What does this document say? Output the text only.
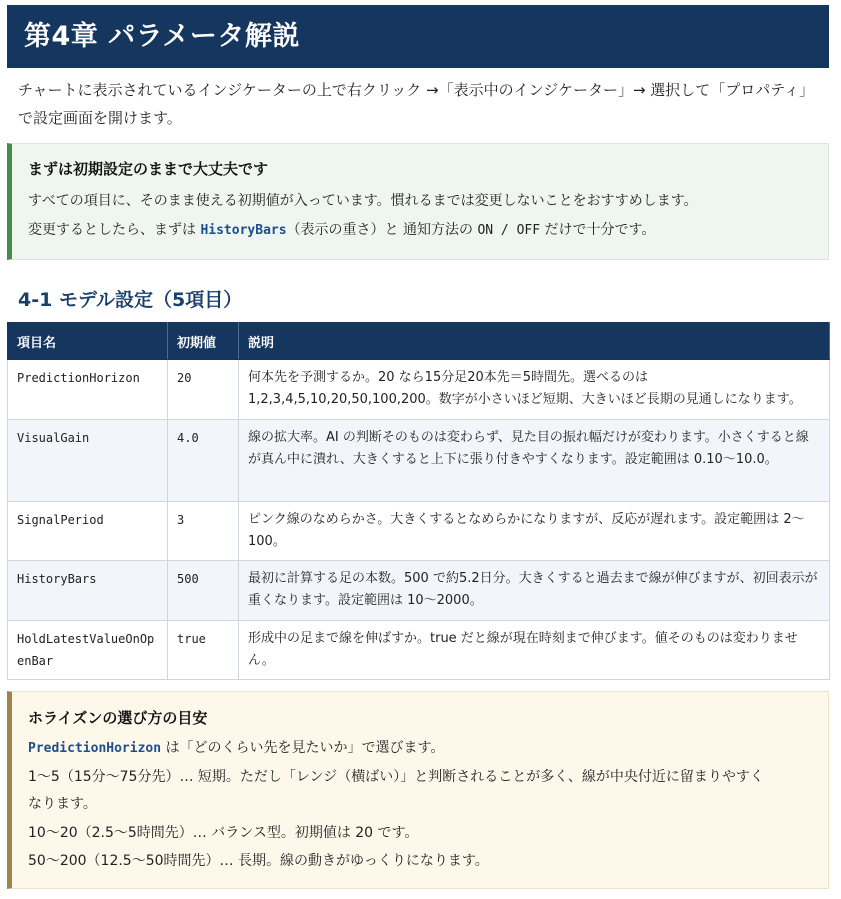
第4章 パラメータ解説
チャートに表示されているインジケーターの上で右クリック →「表示中のインジケーター」→ 選択して「プロパティ」で設定画面を開けます。
まずは初期設定のままで大丈夫です
すべての項目に、そのまま使える初期値が入っています。慣れるまでは変更しないことをおすすめします。
変更するとしたら、まずは HistoryBars（表示の重さ）と 通知方法の ON / OFF だけで十分です。
4-1 モデル設定（5項目）
項目名	初期値	説明
PredictionHorizon	20	何本先を予測するか。20 なら15分足20本先＝5時間先。選べるのは 1,2,3,4,5,10,20,50,100,200。数字が小さいほど短期、大きいほど長期の見通しになります。
VisualGain	4.0	線の拡大率。AI の判断そのものは変わらず、見た目の振れ幅だけが変わります。小さくすると線が真ん中に潰れ、大きくすると上下に張り付きやすくなります。設定範囲は 0.10〜10.0。
SignalPeriod	3	ピンク線のなめらかさ。大きくするとなめらかになりますが、反応が遅れます。設定範囲は 2〜100。
HistoryBars	500	最初に計算する足の本数。500 で約5.2日分。大きくすると過去まで線が伸びますが、初回表示が重くなります。設定範囲は 10〜2000。
HoldLatestValueOnOpenBar	true	形成中の足まで線を伸ばすか。true だと線が現在時刻まで伸びます。値そのものは変わりません。
ホライズンの選び方の目安
PredictionHorizon は「どのくらい先を見たいか」で選びます。
1〜5（15分〜75分先）… 短期。ただし「レンジ（横ばい）」と判断されることが多く、線が中央付近に留まりやすく
なります。
10〜20（2.5〜5時間先）… バランス型。初期値は 20 です。
50〜200（12.5〜50時間先）… 長期。線の動きがゆっくりになります。
